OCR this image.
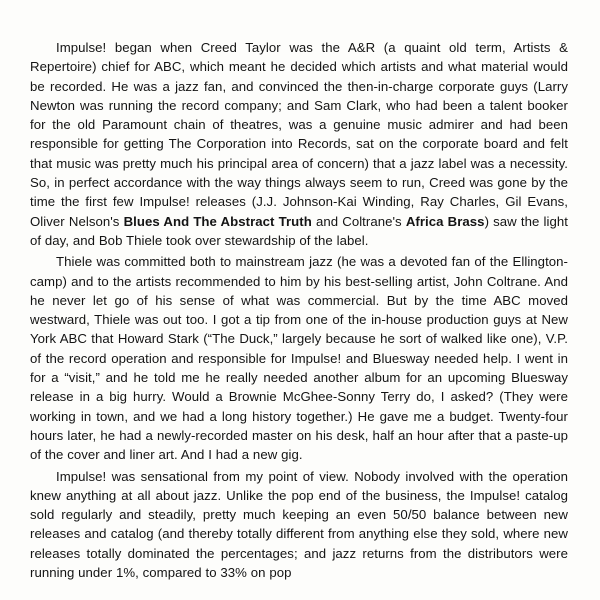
Impulse! began when Creed Taylor was the A&R (a quaint old term, Artists & Repertoire) chief for ABC, which meant he decided which artists and what material would be recorded. He was a jazz fan, and convinced the then-in-charge corporate guys (Larry Newton was running the record company; and Sam Clark, who had been a talent booker for the old Paramount chain of theatres, was a genuine music admirer and had been responsible for getting The Corporation into Records, sat on the corporate board and felt that music was pretty much his principal area of concern) that a jazz label was a necessity. So, in perfect accordance with the way things always seem to run, Creed was gone by the time the first few Impulse! releases (J.J. Johnson-Kai Winding, Ray Charles, Gil Evans, Oliver Nelson's Blues And The Abstract Truth and Coltrane's Africa Brass) saw the light of day, and Bob Thiele took over stewardship of the label.

Thiele was committed both to mainstream jazz (he was a devoted fan of the Ellington-camp) and to the artists recommended to him by his best-selling artist, John Coltrane. And he never let go of his sense of what was commercial. But by the time ABC moved westward, Thiele was out too. I got a tip from one of the in-house production guys at New York ABC that Howard Stark (“The Duck,” largely because he sort of walked like one), V.P. of the record operation and responsible for Impulse! and Bluesway needed help. I went in for a “visit,” and he told me he really needed another album for an upcoming Bluesway release in a big hurry. Would a Brownie McGhee-Sonny Terry do, I asked? (They were working in town, and we had a long history together.) He gave me a budget. Twenty-four hours later, he had a newly-recorded master on his desk, half an hour after that a paste-up of the cover and liner art. And I had a new gig.

Impulse! was sensational from my point of view. Nobody involved with the operation knew anything at all about jazz. Unlike the pop end of the business, the Impulse! catalog sold regularly and steadily, pretty much keeping an even 50/50 balance between new releases and catalog (and thereby totally different from anything else they sold, where new releases totally dominated the percentages; and jazz returns from the distributors were running under 1%, compared to 33% on pop
